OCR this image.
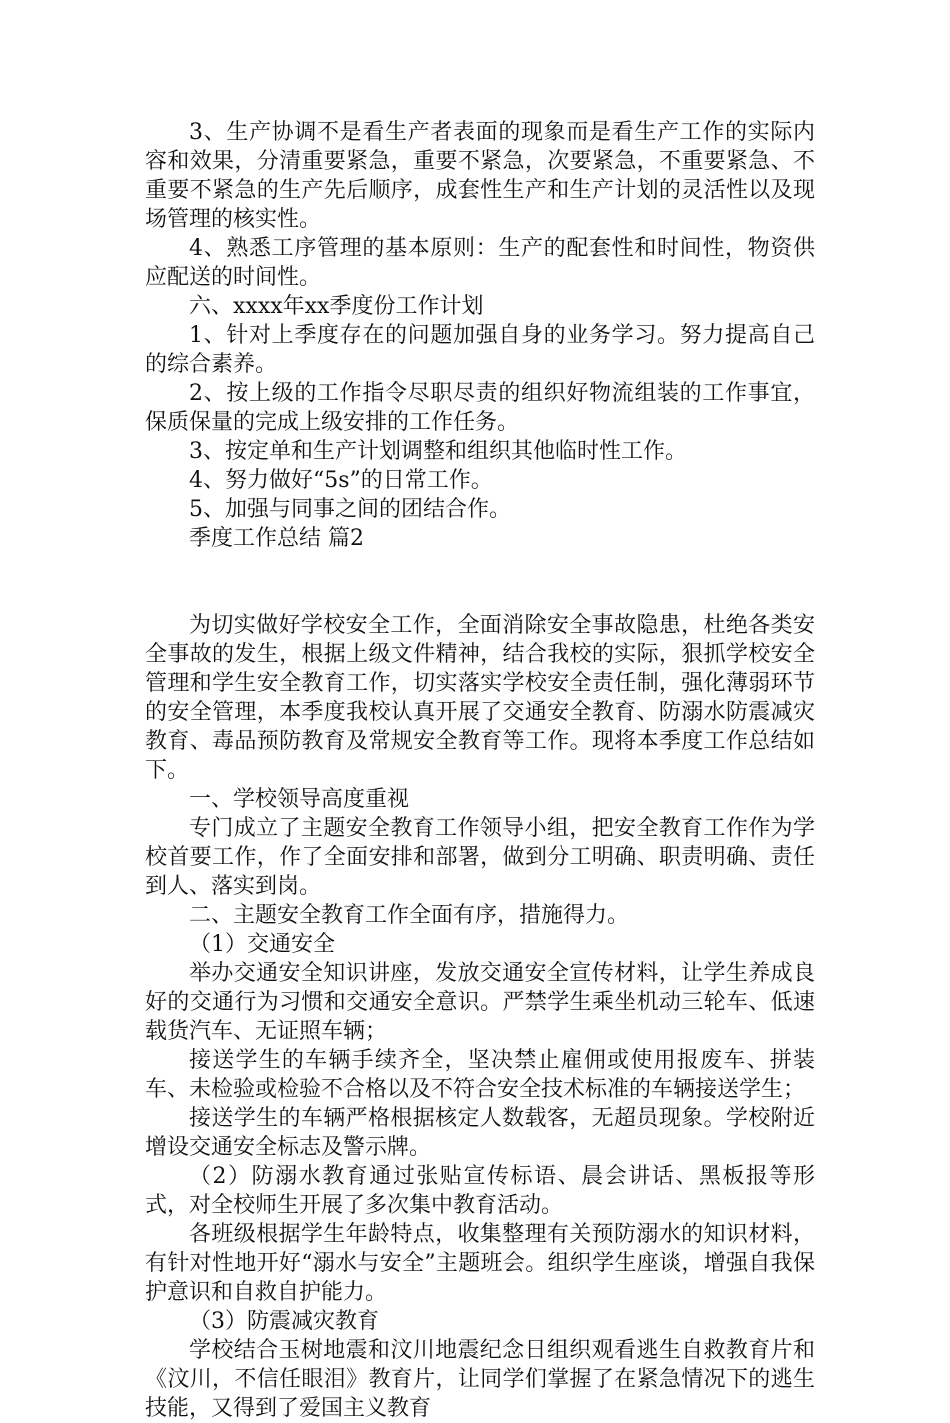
3、生产协调不是看生产者表面的现象而是看生产工作的实际内容和效果，分清重要紧急，重要不紧急，次要紧急，不重要紧急、不重要不紧急的生产先后顺序，成套性生产和生产计划的灵活性以及现场管理的核实性。

4、熟悉工序管理的基本原则：生产的配套性和时间性，物资供应配送的时间性。

六、xxxx年xx季度份工作计划

1、针对上季度存在的问题加强自身的业务学习。努力提高自己的综合素养。

2、按上级的工作指令尽职尽责的组织好物流组装的工作事宜，保质保量的完成上级安排的工作任务。

3、按定单和生产计划调整和组织其他临时性工作。

4、努力做好“5s”的日常工作。

5、加强与同事之间的团结合作。

季度工作总结 篇2

为切实做好学校安全工作，全面消除安全事故隐患，杜绝各类安全事故的发生，根据上级文件精神，结合我校的实际，狠抓学校安全管理和学生安全教育工作，切实落实学校安全责任制，强化薄弱环节的安全管理，本季度我校认真开展了交通安全教育、防溺水防震减灾教育、毒品预防教育及常规安全教育等工作。现将本季度工作总结如下。

一、学校领导高度重视

专门成立了主题安全教育工作领导小组，把安全教育工作作为学校首要工作，作了全面安排和部署，做到分工明确、职责明确、责任到人、落实到岗。

二、主题安全教育工作全面有序，措施得力。

（1）交通安全

举办交通安全知识讲座，发放交通安全宣传材料，让学生养成良好的交通行为习惯和交通安全意识。严禁学生乘坐机动三轮车、低速载货汽车、无证照车辆；

接送学生的车辆手续齐全，坚决禁止雇佣或使用报废车、拼装车、未检验或检验不合格以及不符合安全技术标准的车辆接送学生；

接送学生的车辆严格根据核定人数载客，无超员现象。学校附近增设交通安全标志及警示牌。

（2）防溺水教育通过张贴宣传标语、晨会讲话、黑板报等形式，对全校师生开展了多次集中教育活动。

各班级根据学生年龄特点，收集整理有关预防溺水的知识材料，有针对性地开好“溺水与安全”主题班会。组织学生座谈，增强自我保护意识和自救自护能力。

（3）防震减灾教育

学校结合玉树地震和汶川地震纪念日组织观看逃生自救教育片和《汶川，不信任眼泪》教育片，让同学们掌握了在紧急情况下的逃生技能，又得到了爱国主义教育
